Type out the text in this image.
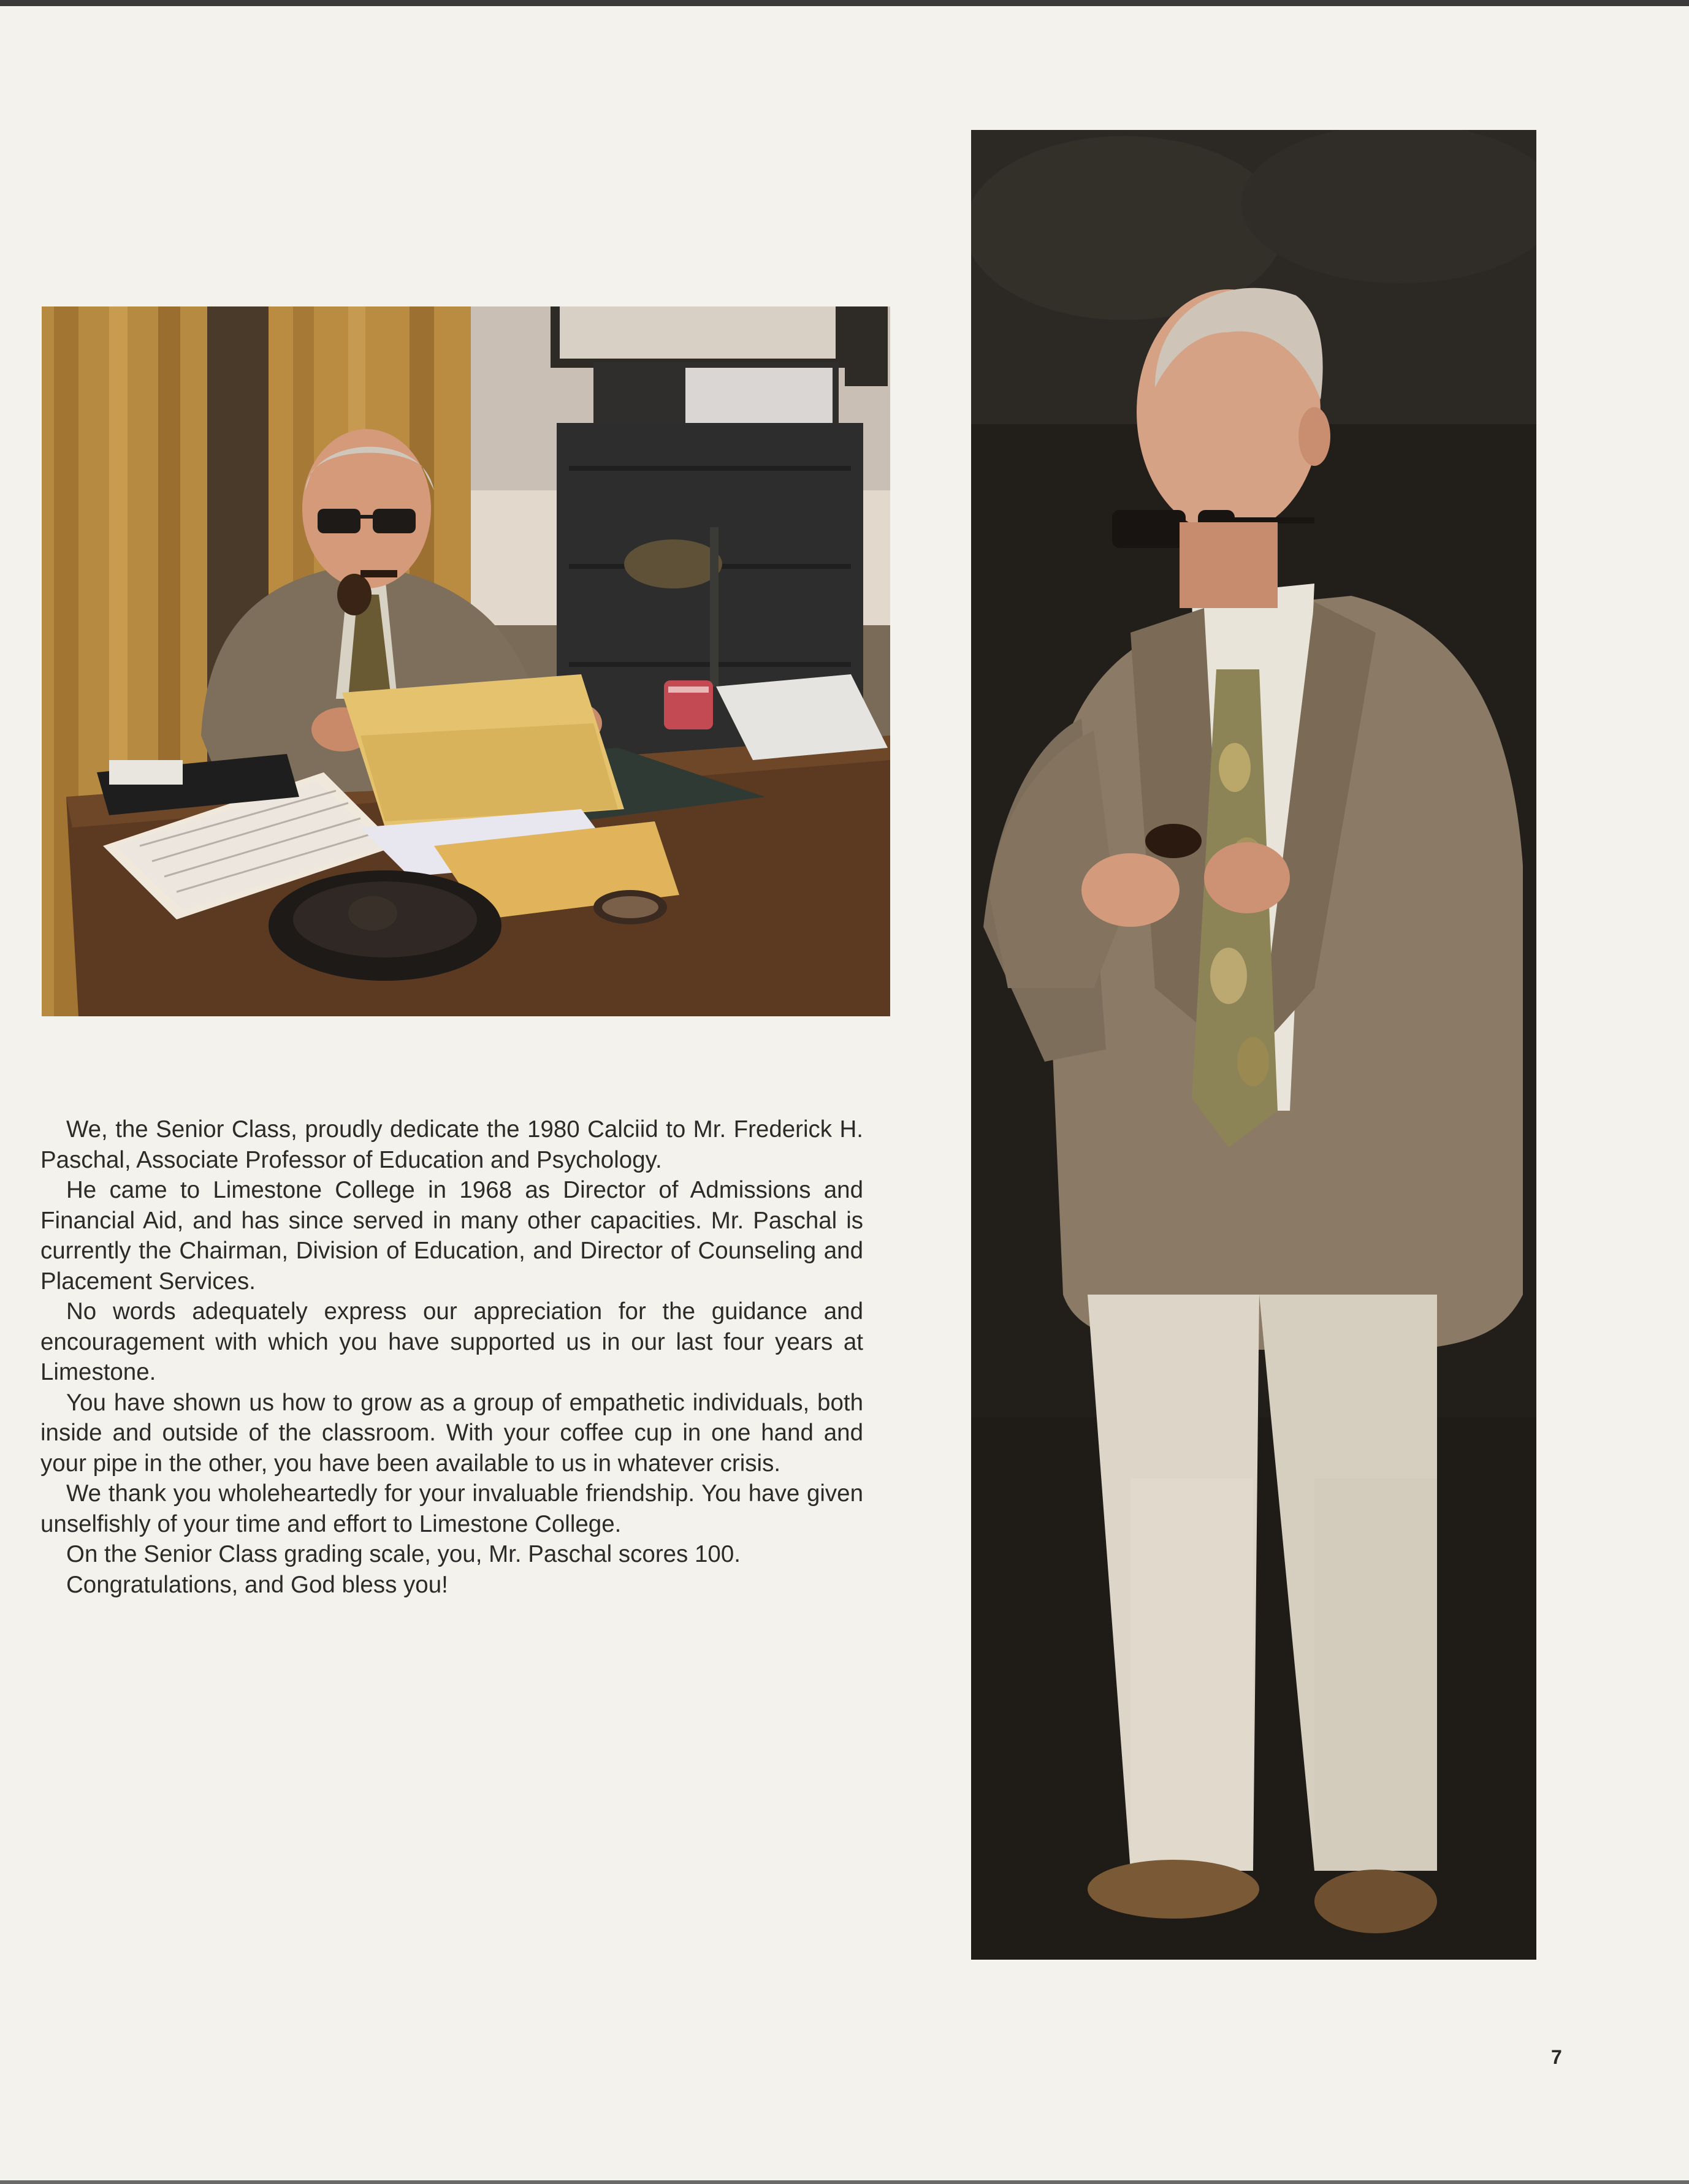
We, the Senior Class, proudly dedicate the 1980 Calciid to Mr. Frederick H. Paschal, Associate Professor of Education and Psychology.

He came to Limestone College in 1968 as Director of Admissions and Financial Aid, and has since served in many other capacities. Mr. Paschal is currently the Chairman, Division of Education, and Director of Counseling and Placement Services.

No words adequately express our appreciation for the guidance and encouragement with which you have supported us in our last four years at Limestone.

You have shown us how to grow as a group of empathetic individuals, both inside and outside of the classroom. With your coffee cup in one hand and your pipe in the other, you have been available to us in whatever crisis.

We thank you wholeheartedly for your invaluable friendship. You have given unselfishly of your time and effort to Limestone College.

On the Senior Class grading scale, you, Mr. Paschal scores 100.

Congratulations, and God bless you!

7
